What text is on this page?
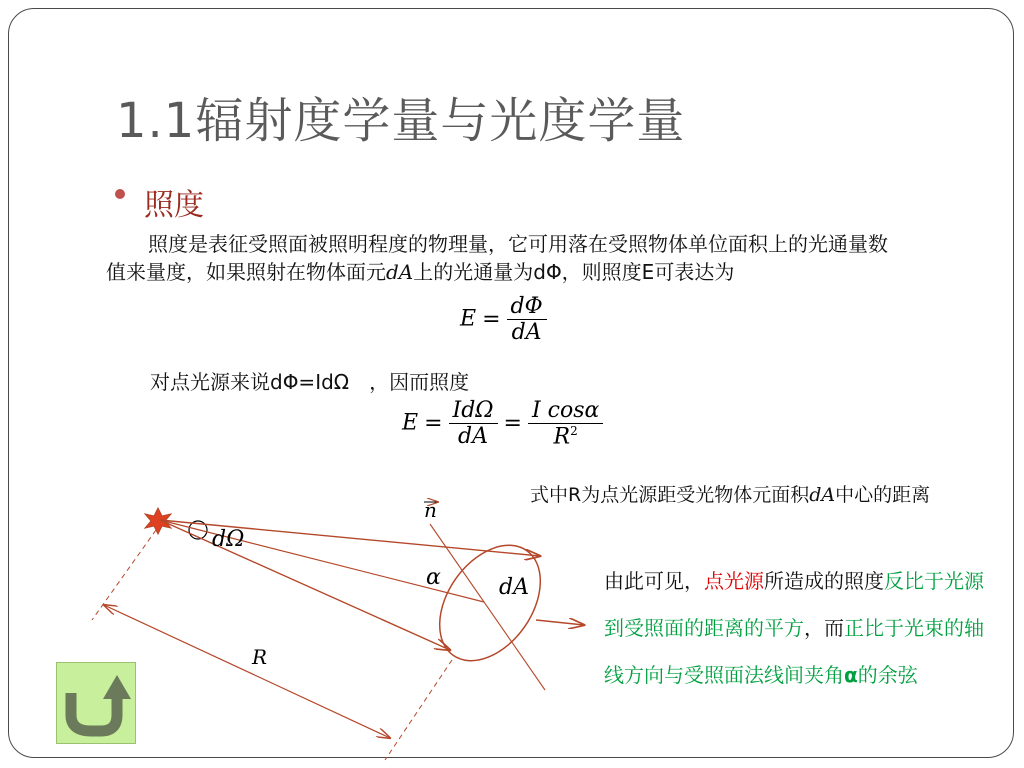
1.1辐射度学量与光度学量
照度
照度是表征受照面被照明程度的物理量，它可用落在受照物体单位面积上的光通量数
值来量度，如果照射在物体面元dA上的光通量为dΦ，则照度E可表达为
$E = \frac{d\Phi}{dA}$
对点光源来说dΦ=IdΩ　，因而照度
$E = \frac{\text{IdΩ}}{dA} = \frac{\text{I cosα}}{R^2}$
式中R为点光源距受光物体元面积dA中心的距离
n
dΩ
α	dA
R
由此可见，点光源所造成的照度反比于光源到受照面的距离的平方，而正比于光束的轴线方向与受照面法线间夹角α的余弦
